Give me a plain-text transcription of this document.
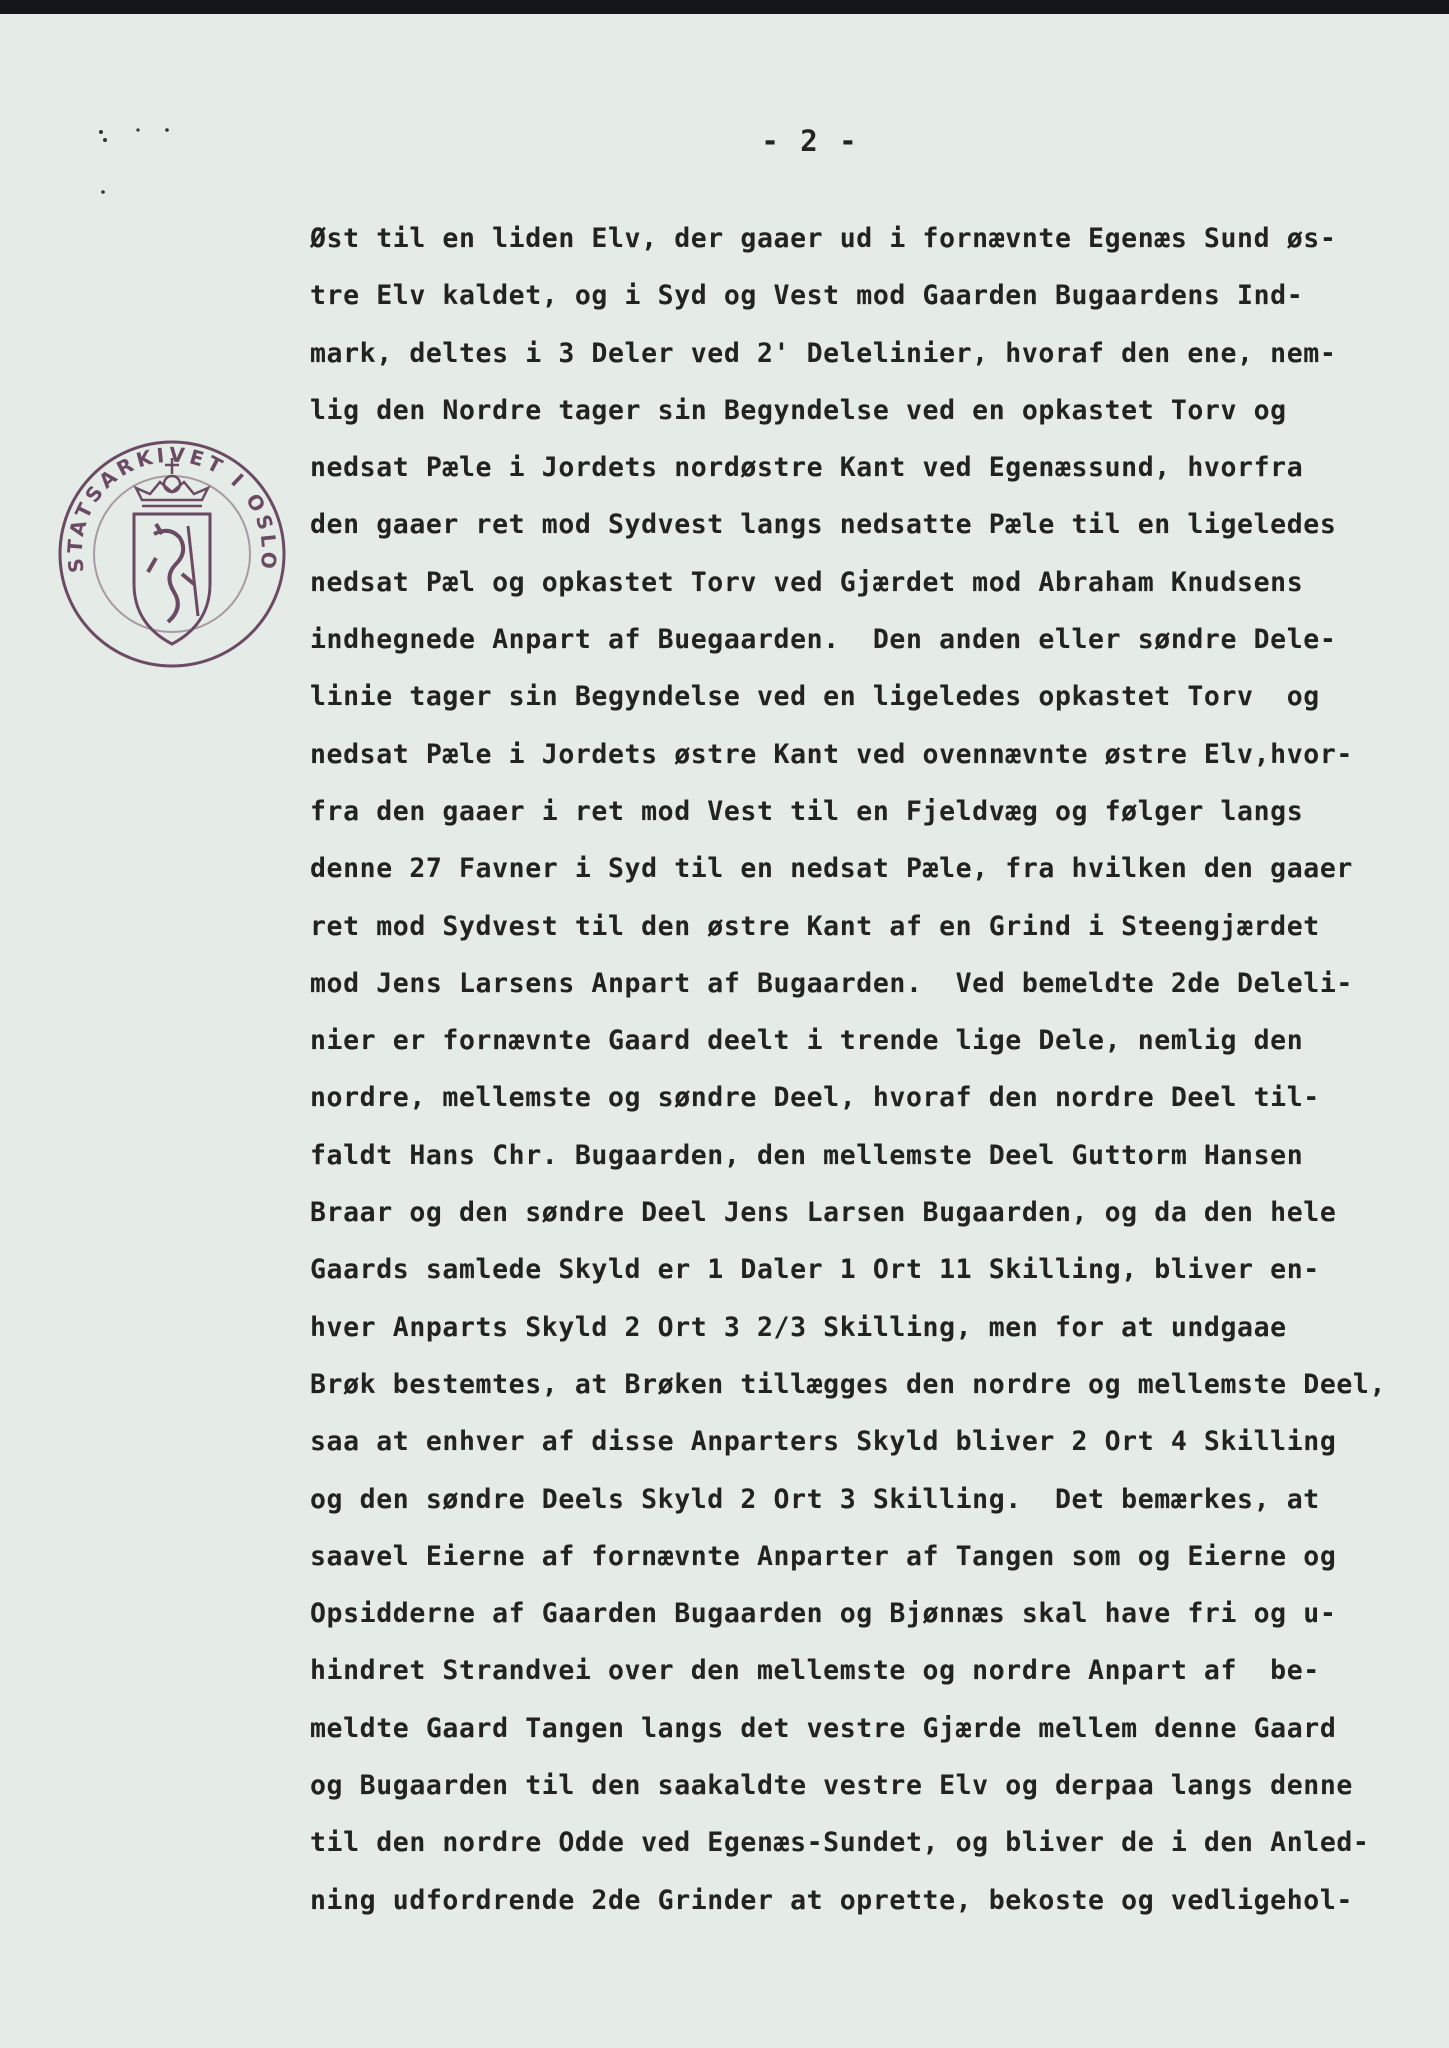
- 2 -
STATSARKIVET I OSLO
Øst til en liden Elv, der gaaer ud i fornævnte Egenæs Sund øs-
tre Elv kaldet, og i Syd og Vest mod Gaarden Bugaardens Ind-
mark, deltes i 3 Deler ved 2' Delelinier, hvoraf den ene, nem-
lig den Nordre tager sin Begyndelse ved en opkastet Torv og
nedsat Pæle i Jordets nordøstre Kant ved Egenæssund, hvorfra
den gaaer ret mod Sydvest langs nedsatte Pæle til en ligeledes
nedsat Pæl og opkastet Torv ved Gjærdet mod Abraham Knudsens
indhegnede Anpart af Buegaarden.  Den anden eller søndre Dele-
linie tager sin Begyndelse ved en ligeledes opkastet Torv  og
nedsat Pæle i Jordets østre Kant ved ovennævnte østre Elv,hvor-
fra den gaaer i ret mod Vest til en Fjeldvæg og følger langs
denne 27 Favner i Syd til en nedsat Pæle, fra hvilken den gaaer
ret mod Sydvest til den østre Kant af en Grind i Steengjærdet
mod Jens Larsens Anpart af Bugaarden.  Ved bemeldte 2de Deleli-
nier er fornævnte Gaard deelt i trende lige Dele, nemlig den
nordre, mellemste og søndre Deel, hvoraf den nordre Deel til-
faldt Hans Chr. Bugaarden, den mellemste Deel Guttorm Hansen
Braar og den søndre Deel Jens Larsen Bugaarden, og da den hele
Gaards samlede Skyld er 1 Daler 1 Ort 11 Skilling, bliver en-
hver Anparts Skyld 2 Ort 3 2/3 Skilling, men for at undgaae
Brøk bestemtes, at Brøken tillægges den nordre og mellemste Deel,
saa at enhver af disse Anparters Skyld bliver 2 Ort 4 Skilling
og den søndre Deels Skyld 2 Ort 3 Skilling.  Det bemærkes, at
saavel Eierne af fornævnte Anparter af Tangen som og Eierne og
Opsidderne af Gaarden Bugaarden og Bjønnæs skal have fri og u-
hindret Strandvei over den mellemste og nordre Anpart af  be-
meldte Gaard Tangen langs det vestre Gjærde mellem denne Gaard
og Bugaarden til den saakaldte vestre Elv og derpaa langs denne
til den nordre Odde ved Egenæs-Sundet, og bliver de i den Anled-
ning udfordrende 2de Grinder at oprette, bekoste og vedligehol-
